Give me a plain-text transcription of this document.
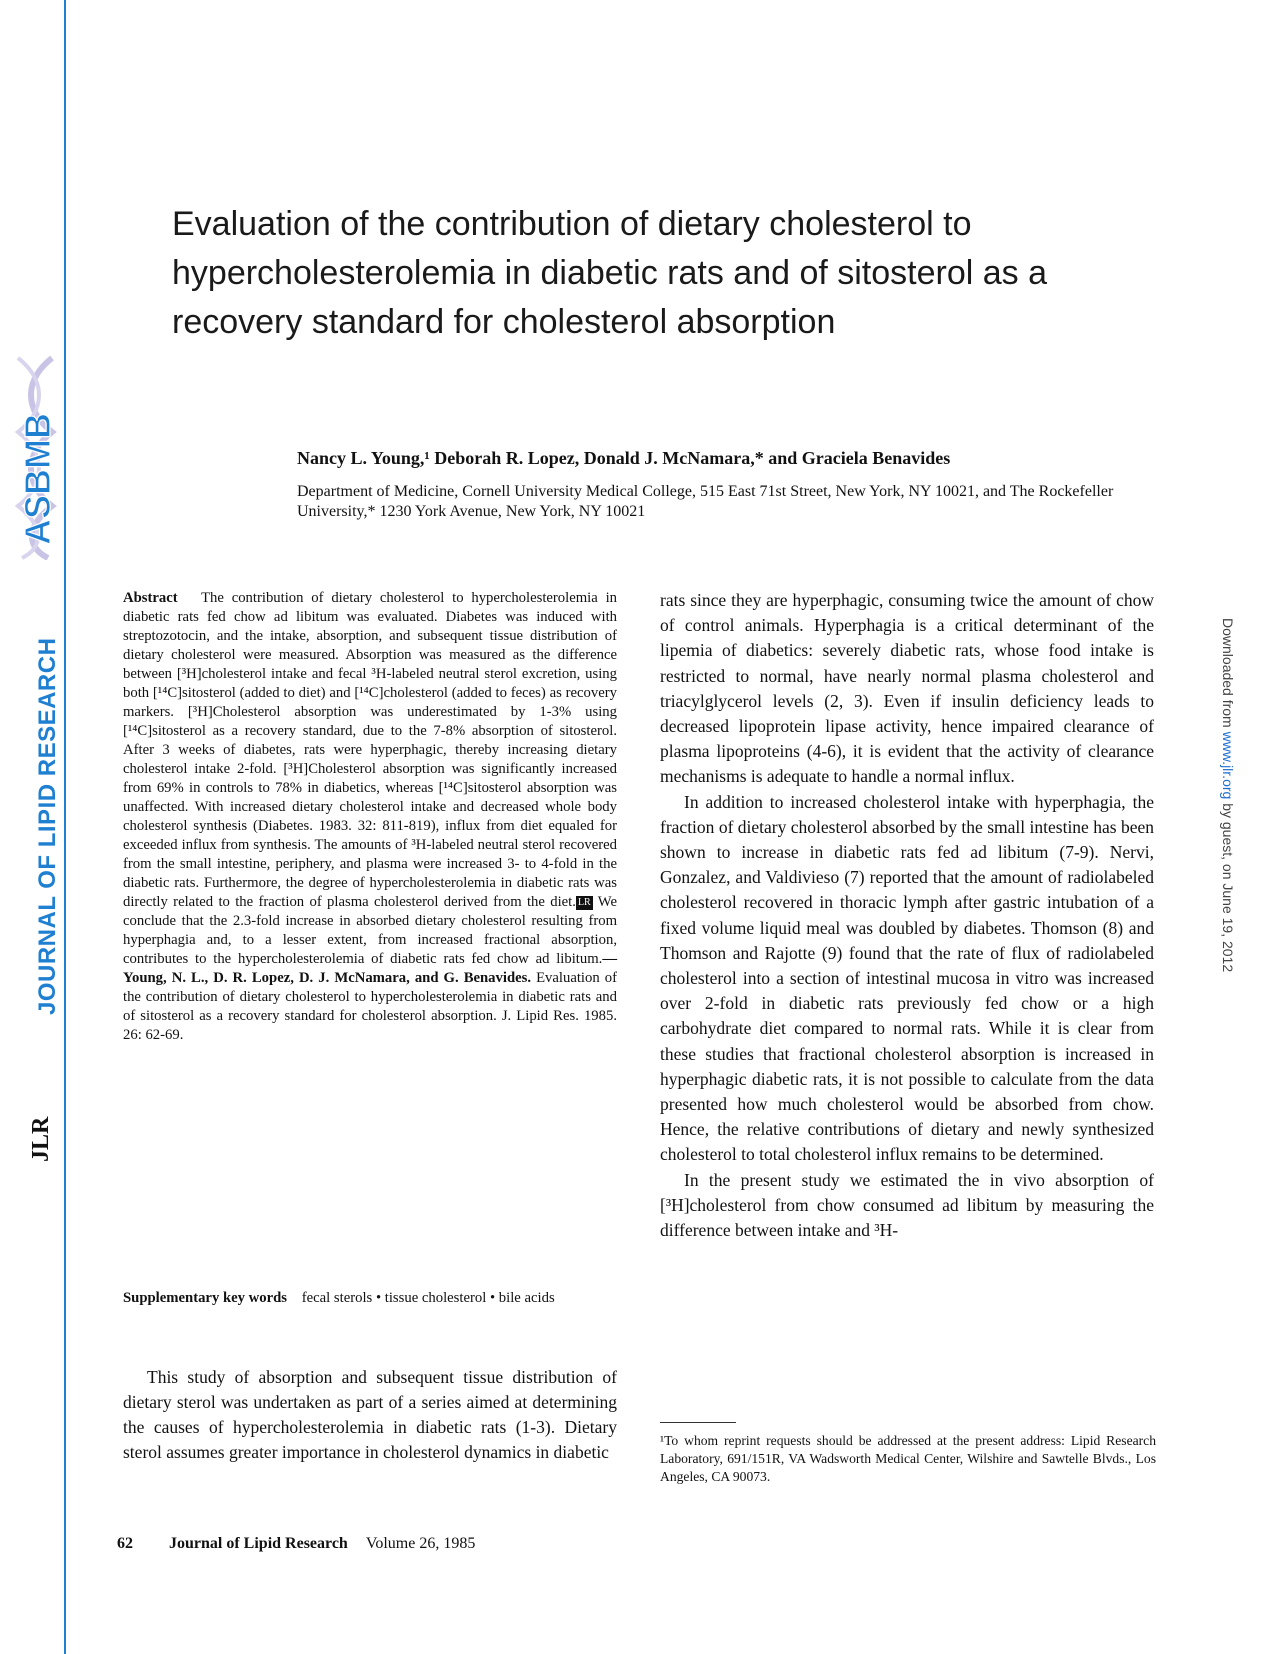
ASBMB
JOURNAL OF LIPID RESEARCH
JLR
Downloaded from www.jlr.org by guest, on June 19, 2012
Evaluation of the contribution of dietary cholesterol to hypercholesterolemia in diabetic rats and of sitosterol as a recovery standard for cholesterol absorption
Nancy L. Young,¹ Deborah R. Lopez, Donald J. McNamara,* and Graciela Benavides
Department of Medicine, Cornell University Medical College, 515 East 71st Street, New York, NY 10021, and The Rockefeller University,* 1230 York Avenue, New York, NY 10021
Abstract The contribution of dietary cholesterol to hypercholesterolemia in diabetic rats fed chow ad libitum was evaluated. Diabetes was induced with streptozotocin, and the intake, absorption, and subsequent tissue distribution of dietary cholesterol were measured. Absorption was measured as the difference between [³H]cholesterol intake and fecal ³H-labeled neutral sterol excretion, using both [¹⁴C]sitosterol (added to diet) and [¹⁴C]cholesterol (added to feces) as recovery markers. [³H]Cholesterol absorption was underestimated by 1-3% using [¹⁴C]sitosterol as a recovery standard, due to the 7-8% absorption of sitosterol. After 3 weeks of diabetes, rats were hyperphagic, thereby increasing dietary cholesterol intake 2-fold. [³H]Cholesterol absorption was significantly increased from 69% in controls to 78% in diabetics, whereas [¹⁴C]sitosterol absorption was unaffected. With increased dietary cholesterol intake and decreased whole body cholesterol synthesis (Diabetes. 1983. 32: 811-819), influx from diet equaled for exceeded influx from synthesis. The amounts of ³H-labeled neutral sterol recovered from the small intestine, periphery, and plasma were increased 3- to 4-fold in the diabetic rats. Furthermore, the degree of hypercholesterolemia in diabetic rats was directly related to the fraction of plasma cholesterol derived from the diet. LR We conclude that the 2.3-fold increase in absorbed dietary cholesterol resulting from hyperphagia and, to a lesser extent, from increased fractional absorption, contributes to the hypercholesterolemia of diabetic rats fed chow ad libitum.—Young, N. L., D. R. Lopez, D. J. McNamara, and G. Benavides. Evaluation of the contribution of dietary cholesterol to hypercholesterolemia in diabetic rats and of sitosterol as a recovery standard for cholesterol absorption. J. Lipid Res. 1985. 26: 62-69.
Supplementary key words fecal sterols • tissue cholesterol • bile acids

This study of absorption and subsequent tissue distribution of dietary sterol was undertaken as part of a series aimed at determining the causes of hypercholesterolemia in diabetic rats (1-3). Dietary sterol assumes greater importance in cholesterol dynamics in diabetic

rats since they are hyperphagic, consuming twice the amount of chow of control animals. Hyperphagia is a critical determinant of the lipemia of diabetics: severely diabetic rats, whose food intake is restricted to normal, have nearly normal plasma cholesterol and triacylglycerol levels (2, 3). Even if insulin deficiency leads to decreased lipoprotein lipase activity, hence impaired clearance of plasma lipoproteins (4-6), it is evident that the activity of clearance mechanisms is adequate to handle a normal influx.

In addition to increased cholesterol intake with hyperphagia, the fraction of dietary cholesterol absorbed by the small intestine has been shown to increase in diabetic rats fed ad libitum (7-9). Nervi, Gonzalez, and Valdivieso (7) reported that the amount of radiolabeled cholesterol recovered in thoracic lymph after gastric intubation of a fixed volume liquid meal was doubled by diabetes. Thomson (8) and Thomson and Rajotte (9) found that the rate of flux of radiolabeled cholesterol into a section of intestinal mucosa in vitro was increased over 2-fold in diabetic rats previously fed chow or a high carbohydrate diet compared to normal rats. While it is clear from these studies that fractional cholesterol absorption is increased in hyperphagic diabetic rats, it is not possible to calculate from the data presented how much cholesterol would be absorbed from chow. Hence, the relative contributions of dietary and newly synthesized cholesterol to total cholesterol influx remains to be determined.

In the present study we estimated the in vivo absorption of [³H]cholesterol from chow consumed ad libitum by measuring the difference between intake and ³H-

¹To whom reprint requests should be addressed at the present address: Lipid Research Laboratory, 691/151R, VA Wadsworth Medical Center, Wilshire and Sawtelle Blvds., Los Angeles, CA 90073.
62 Journal of Lipid Research Volume 26, 1985
